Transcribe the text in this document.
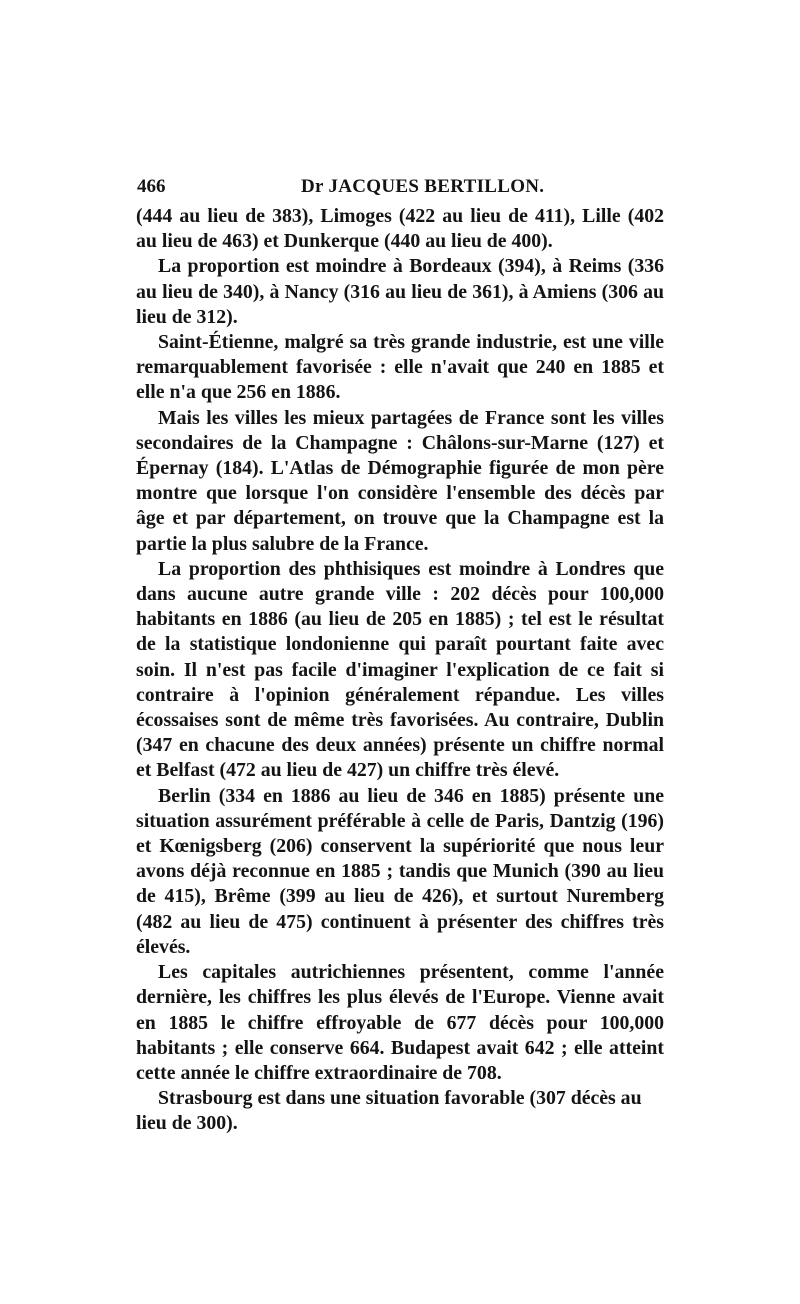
466	Dr JACQUES BERTILLON.

(444 au lieu de 383), Limoges (422 au lieu de 411), Lille (402 au lieu de 463) et Dunkerque (440 au lieu de 400).

La proportion est moindre à Bordeaux (394), à Reims (336 au lieu de 340), à Nancy (316 au lieu de 361), à Amiens (306 au lieu de 312).

Saint-Étienne, malgré sa très grande industrie, est une ville remarquablement favorisée : elle n'avait que 240 en 1885 et elle n'a que 256 en 1886.

Mais les villes les mieux partagées de France sont les villes secondaires de la Champagne : Châlons-sur-Marne (127) et Épernay (184). L'Atlas de Démographie figurée de mon père montre que lorsque l'on considère l'ensemble des décès par âge et par département, on trouve que la Champagne est la partie la plus salubre de la France.

La proportion des phthisiques est moindre à Londres que dans aucune autre grande ville : 202 décès pour 100,000 habitants en 1886 (au lieu de 205 en 1885) ; tel est le résultat de la statistique londonienne qui paraît pourtant faite avec soin. Il n'est pas facile d'imaginer l'explication de ce fait si contraire à l'opinion généralement répandue. Les villes écossaises sont de même très favorisées. Au contraire, Dublin (347 en chacune des deux années) présente un chiffre normal et Belfast (472 au lieu de 427) un chiffre très élevé.

Berlin (334 en 1886 au lieu de 346 en 1885) présente une situation assurément préférable à celle de Paris, Dantzig (196) et Kœnigsberg (206) conservent la supériorité que nous leur avons déjà reconnue en 1885 ; tandis que Munich (390 au lieu de 415), Brême (399 au lieu de 426), et surtout Nuremberg (482 au lieu de 475) continuent à présenter des chiffres très élevés.

Les capitales autrichiennes présentent, comme l'année dernière, les chiffres les plus élevés de l'Europe. Vienne avait en 1885 le chiffre effroyable de 677 décès pour 100,000 habitants ; elle conserve 664. Budapest avait 642 ; elle atteint cette année le chiffre extraordinaire de 708.

Strasbourg est dans une situation favorable (307 décès au lieu de 300).
